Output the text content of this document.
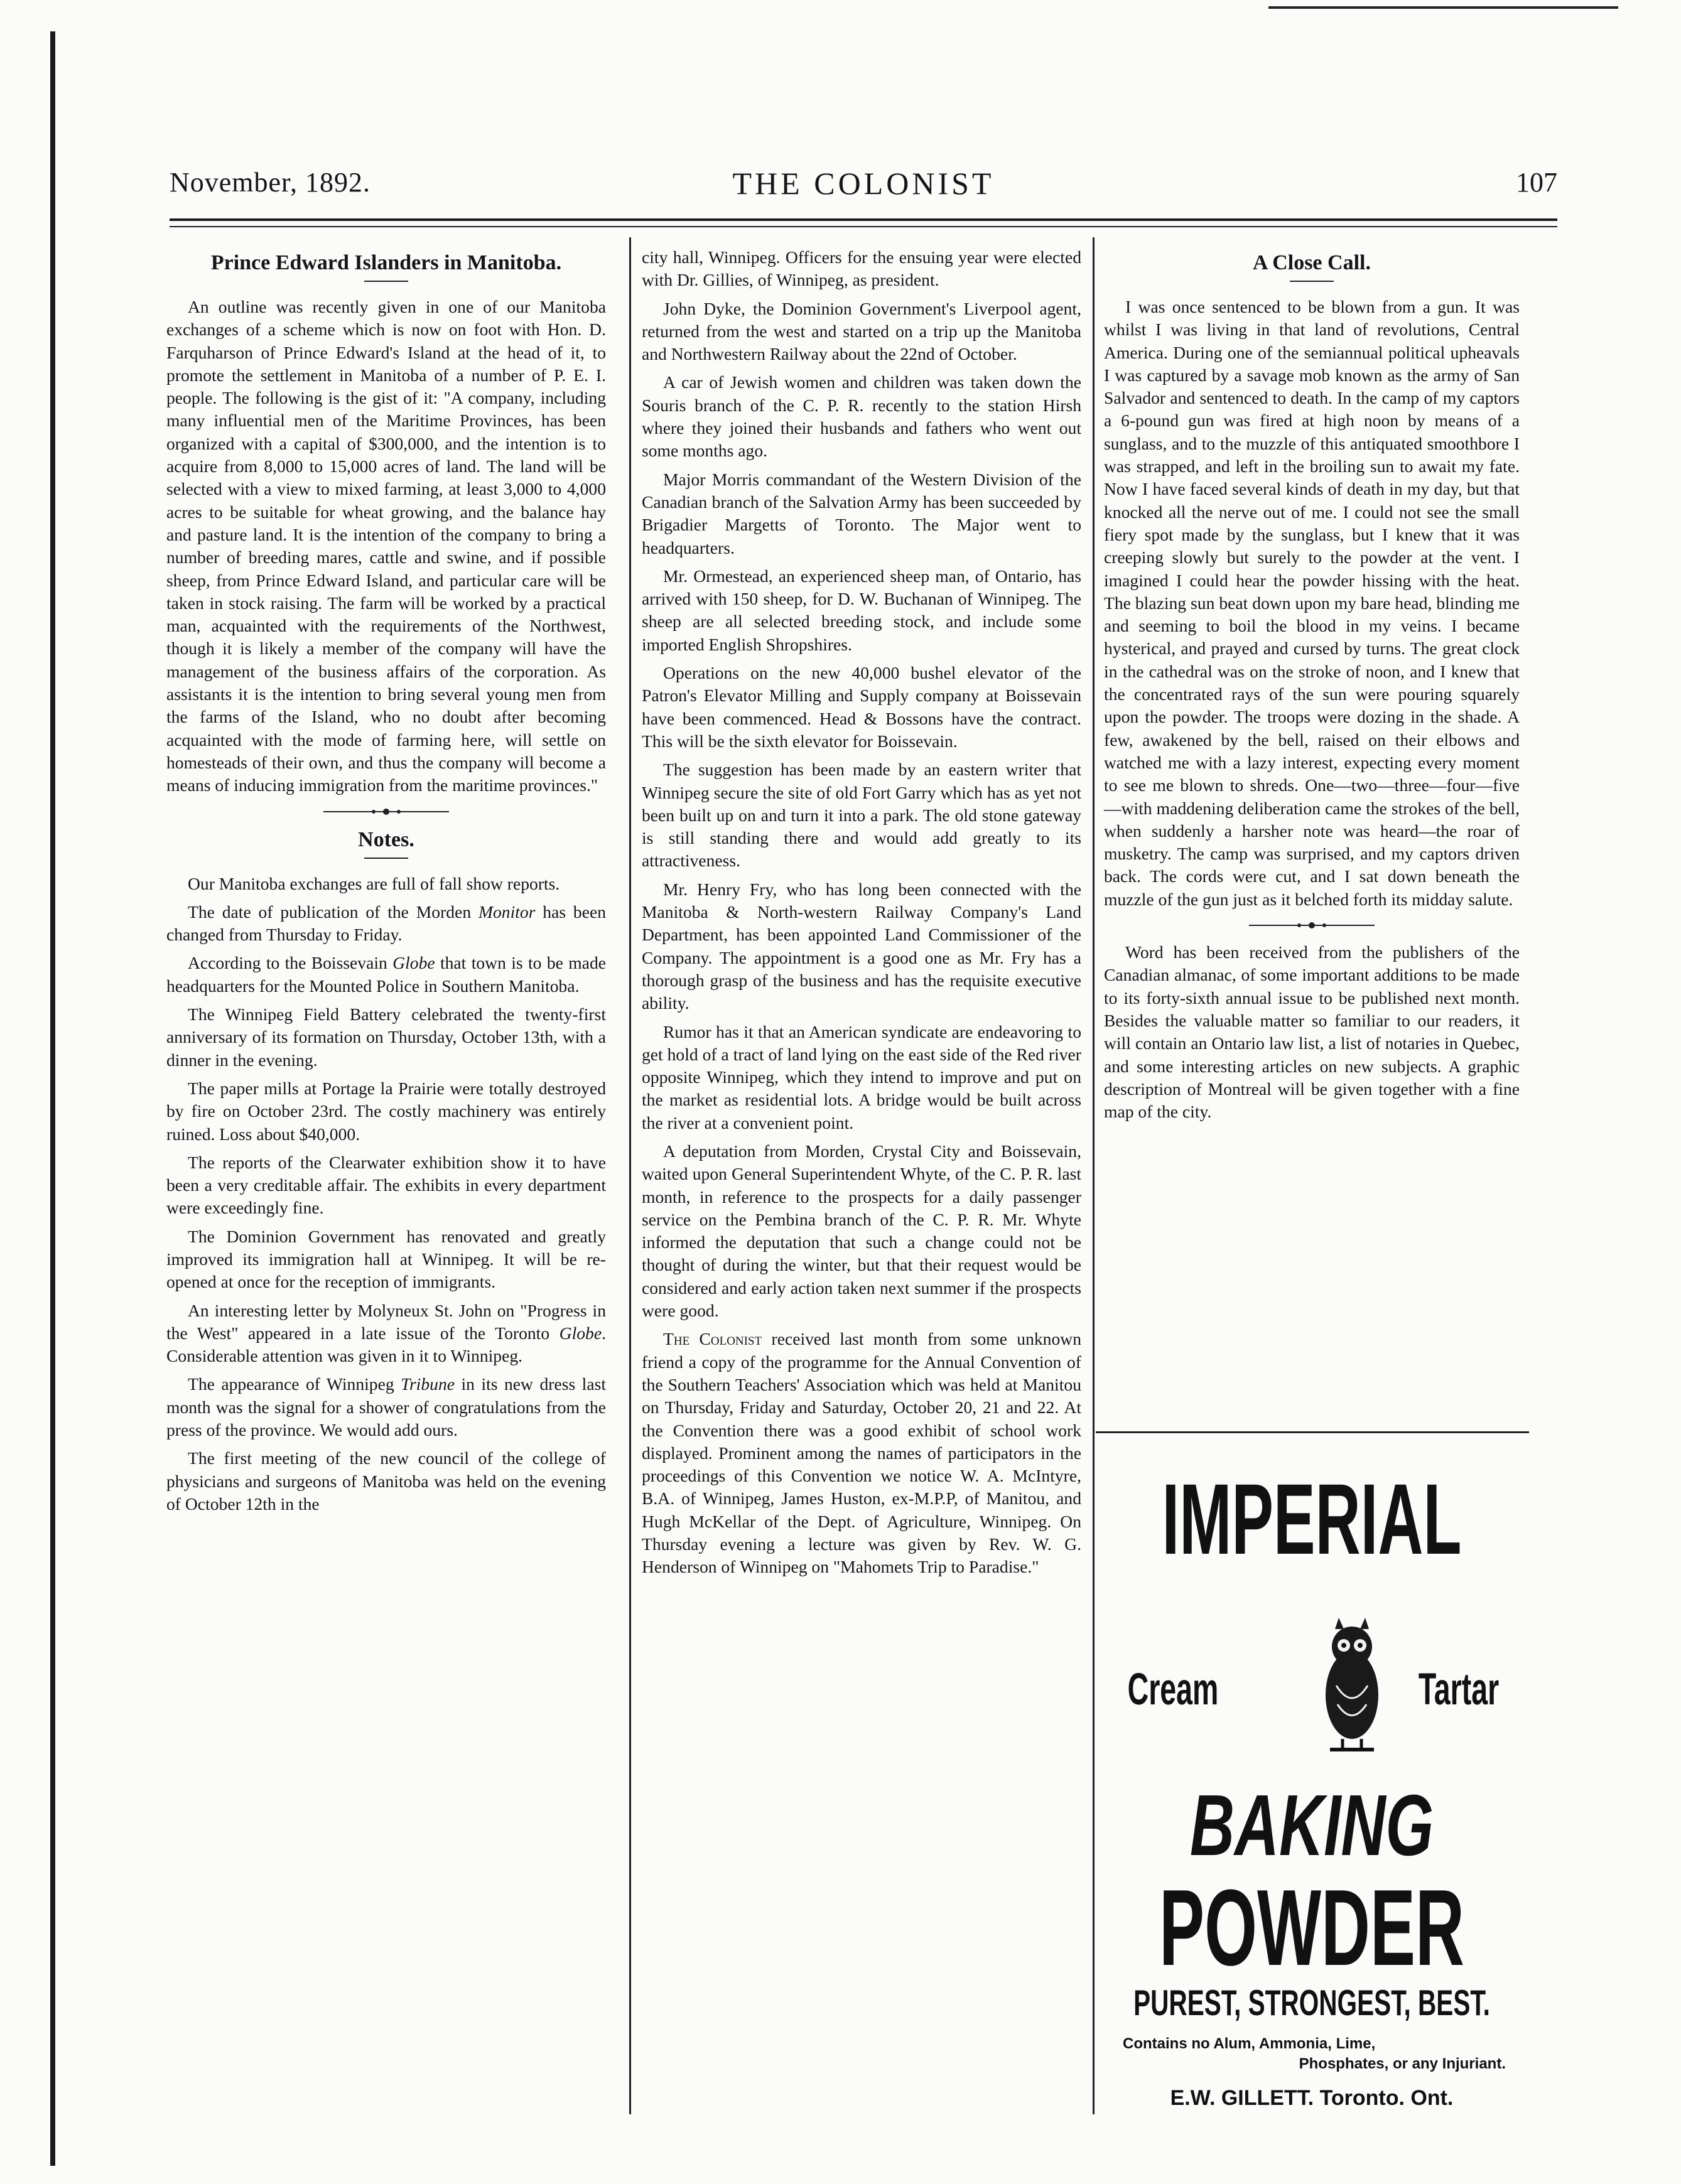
November, 1892.	THE COLONIST	107
Prince Edward Islanders in Manitoba.

An outline was recently given in one of our Manitoba exchanges of a scheme which is now on foot with Hon. D. Farquharson of Prince Edward's Island at the head of it, to promote the settlement in Manitoba of a number of P. E. I. people. The following is the gist of it: "A company, including many influential men of the Maritime Provinces, has been organized with a capital of $300,000, and the intention is to acquire from 8,000 to 15,000 acres of land. The land will be selected with a view to mixed farming, at least 3,000 to 4,000 acres to be suitable for wheat growing, and the balance hay and pasture land. It is the intention of the company to bring a number of breeding mares, cattle and swine, and if possible sheep, from Prince Edward Island, and particular care will be taken in stock raising. The farm will be worked by a practical man, acquainted with the requirements of the Northwest, though it is likely a member of the company will have the management of the business affairs of the corporation. As assistants it is the intention to bring several young men from the farms of the Island, who no doubt after becoming acquainted with the mode of farming here, will settle on homesteads of their own, and thus the company will become a means of inducing immigration from the maritime provinces."

Notes.

Our Manitoba exchanges are full of fall show reports.

The date of publication of the Morden Monitor has been changed from Thursday to Friday.

According to the Boissevain Globe that town is to be made headquarters for the Mounted Police in Southern Manitoba.

The Winnipeg Field Battery celebrated the twenty-first anniversary of its formation on Thursday, October 13th, with a dinner in the evening.

The paper mills at Portage la Prairie were totally destroyed by fire on October 23rd. The costly machinery was entirely ruined. Loss about $40,000.

The reports of the Clearwater exhibition show it to have been a very creditable affair. The exhibits in every department were exceedingly fine.

The Dominion Government has renovated and greatly improved its immigration hall at Winnipeg. It will be re-opened at once for the reception of immigrants.

An interesting letter by Molyneux St. John on "Progress in the West" appeared in a late issue of the Toronto Globe. Considerable attention was given in it to Winnipeg.

The appearance of Winnipeg Tribune in its new dress last month was the signal for a shower of congratulations from the press of the province. We would add ours.

The first meeting of the new council of the college of physicians and surgeons of Manitoba was held on the evening of October 12th in the

city hall, Winnipeg. Officers for the ensuing year were elected with Dr. Gillies, of Winnipeg, as president.

John Dyke, the Dominion Government's Liverpool agent, returned from the west and started on a trip up the Manitoba and Northwestern Railway about the 22nd of October.

A car of Jewish women and children was taken down the Souris branch of the C. P. R. recently to the station Hirsh where they joined their husbands and fathers who went out some months ago.

Major Morris commandant of the Western Division of the Canadian branch of the Salvation Army has been succeeded by Brigadier Margetts of Toronto. The Major went to headquarters.

Mr. Ormestead, an experienced sheep man, of Ontario, has arrived with 150 sheep, for D. W. Buchanan of Winnipeg. The sheep are all selected breeding stock, and include some imported English Shropshires.

Operations on the new 40,000 bushel elevator of the Patron's Elevator Milling and Supply company at Boissevain have been commenced. Head & Bossons have the contract. This will be the sixth elevator for Boissevain.

The suggestion has been made by an eastern writer that Winnipeg secure the site of old Fort Garry which has as yet not been built up on and turn it into a park. The old stone gateway is still standing there and would add greatly to its attractiveness.

Mr. Henry Fry, who has long been connected with the Manitoba & North-western Railway Company's Land Department, has been appointed Land Commissioner of the Company. The appointment is a good one as Mr. Fry has a thorough grasp of the business and has the requisite executive ability.

Rumor has it that an American syndicate are endeavoring to get hold of a tract of land lying on the east side of the Red river opposite Winnipeg, which they intend to improve and put on the market as residential lots. A bridge would be built across the river at a convenient point.

A deputation from Morden, Crystal City and Boissevain, waited upon General Superintendent Whyte, of the C. P. R. last month, in reference to the prospects for a daily passenger service on the Pembina branch of the C. P. R. Mr. Whyte informed the deputation that such a change could not be thought of during the winter, but that their request would be considered and early action taken next summer if the prospects were good.

The Colonist received last month from some unknown friend a copy of the programme for the Annual Convention of the Southern Teachers' Association which was held at Manitou on Thursday, Friday and Saturday, October 20, 21 and 22. At the Convention there was a good exhibit of school work displayed. Prominent among the names of participators in the proceedings of this Convention we notice W. A. McIntyre, B.A. of Winnipeg, James Huston, ex-M.P.P, of Manitou, and Hugh McKellar of the Dept. of Agriculture, Winnipeg. On Thursday evening a lecture was given by Rev. W. G. Henderson of Winnipeg on "Mahomets Trip to Paradise."

A Close Call.

I was once sentenced to be blown from a gun. It was whilst I was living in that land of revolutions, Central America. During one of the semiannual political upheavals I was captured by a savage mob known as the army of San Salvador and sentenced to death. In the camp of my captors a 6-pound gun was fired at high noon by means of a sunglass, and to the muzzle of this antiquated smoothbore I was strapped, and left in the broiling sun to await my fate. Now I have faced several kinds of death in my day, but that knocked all the nerve out of me. I could not see the small fiery spot made by the sunglass, but I knew that it was creeping slowly but surely to the powder at the vent. I imagined I could hear the powder hissing with the heat. The blazing sun beat down upon my bare head, blinding me and seeming to boil the blood in my veins. I became hysterical, and prayed and cursed by turns. The great clock in the cathedral was on the stroke of noon, and I knew that the concentrated rays of the sun were pouring squarely upon the powder. The troops were dozing in the shade. A few, awakened by the bell, raised on their elbows and watched me with a lazy interest, expecting every moment to see me blown to shreds. One—two—three—four—five—with maddening deliberation came the strokes of the bell, when suddenly a harsher note was heard—the roar of musketry. The camp was surprised, and my captors driven back. The cords were cut, and I sat down beneath the muzzle of the gun just as it belched forth its midday salute.

Word has been received from the publishers of the Canadian almanac, of some important additions to be made to its forty-sixth annual issue to be published next month. Besides the valuable matter so familiar to our readers, it will contain an Ontario law list, a list of notaries in Quebec, and some interesting articles on new subjects. A graphic description of Montreal will be given together with a fine map of the city.

IMPERIAL
Cream	Tartar
BAKING
POWDER
PUREST, STRONGEST, BEST.
Contains no Alum, Ammonia, Lime,
Phosphates, or any Injuriant.
E.W. GILLETT. Toronto. Ont.
